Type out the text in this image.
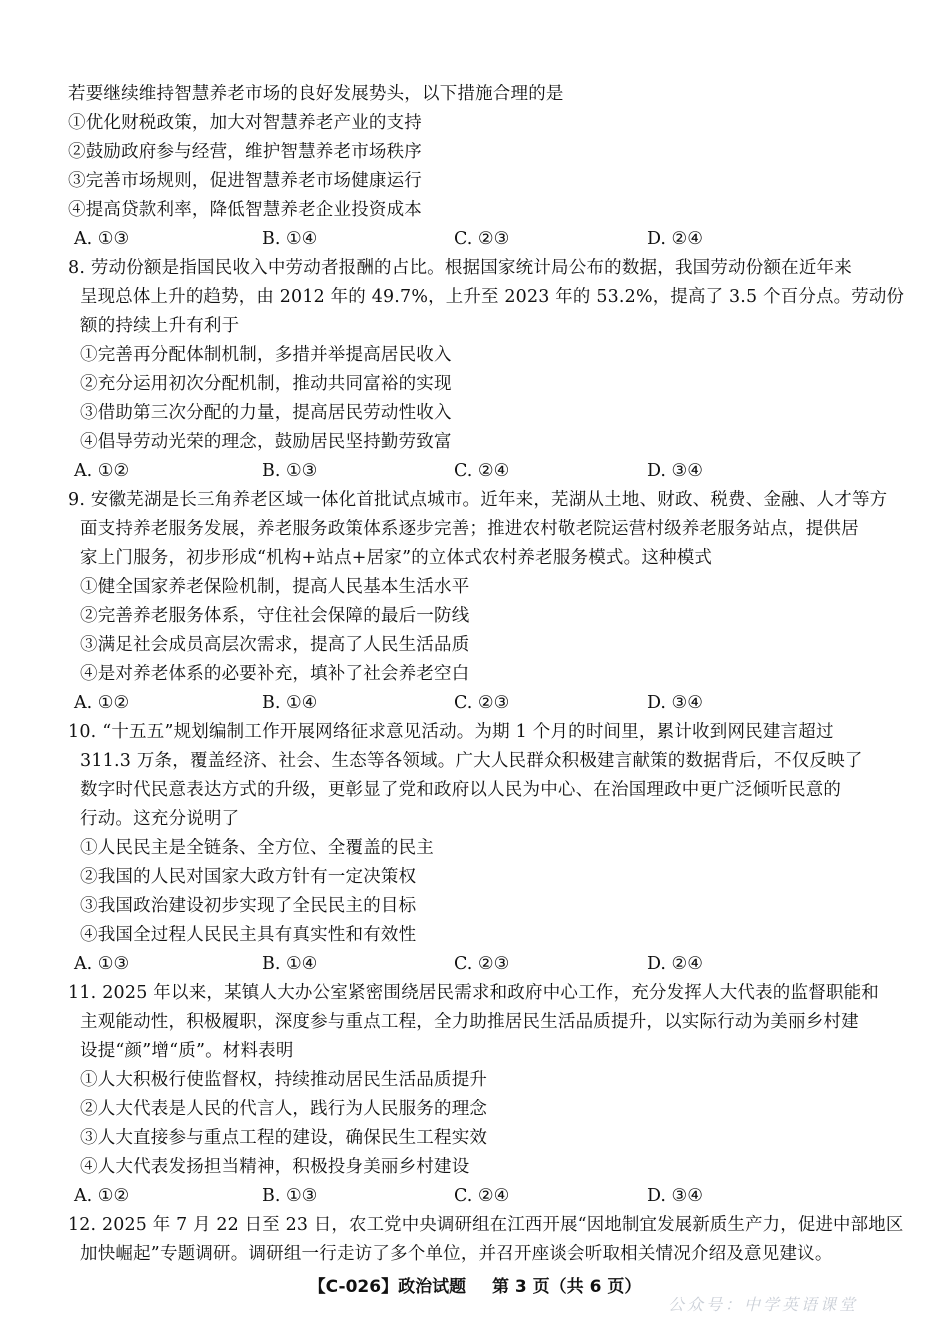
若要继续维持智慧养老市场的良好发展势头，以下措施合理的是
①优化财税政策，加大对智慧养老产业的支持
②鼓励政府参与经营，维护智慧养老市场秩序
③完善市场规则，促进智慧养老市场健康运行
④提高贷款利率，降低智慧养老企业投资成本
A. ①③	B. ①④	C. ②③	D. ②④
8. 劳动份额是指国民收入中劳动者报酬的占比。根据国家统计局公布的数据，我国劳动份额在近年来
呈现总体上升的趋势，由 2012 年的 49.7%，上升至 2023 年的 53.2%，提高了 3.5 个百分点。劳动份
额的持续上升有利于
①完善再分配体制机制，多措并举提高居民收入
②充分运用初次分配机制，推动共同富裕的实现
③借助第三次分配的力量，提高居民劳动性收入
④倡导劳动光荣的理念，鼓励居民坚持勤劳致富
A. ①②	B. ①③	C. ②④	D. ③④
9. 安徽芜湖是长三角养老区域一体化首批试点城市。近年来，芜湖从土地、财政、税费、金融、人才等方
面支持养老服务发展，养老服务政策体系逐步完善；推进农村敬老院运营村级养老服务站点，提供居
家上门服务，初步形成“机构+站点+居家”的立体式农村养老服务模式。这种模式
①健全国家养老保险机制，提高人民基本生活水平
②完善养老服务体系，守住社会保障的最后一防线
③满足社会成员高层次需求，提高了人民生活品质
④是对养老体系的必要补充，填补了社会养老空白
A. ①②	B. ①④	C. ②③	D. ③④
10. “十五五”规划编制工作开展网络征求意见活动。为期 1 个月的时间里，累计收到网民建言超过
311.3 万条，覆盖经济、社会、生态等各领域。广大人民群众积极建言献策的数据背后，不仅反映了
数字时代民意表达方式的升级，更彰显了党和政府以人民为中心、在治国理政中更广泛倾听民意的
行动。这充分说明了
①人民民主是全链条、全方位、全覆盖的民主
②我国的人民对国家大政方针有一定决策权
③我国政治建设初步实现了全民民主的目标
④我国全过程人民民主具有真实性和有效性
A. ①③	B. ①④	C. ②③	D. ②④
11. 2025 年以来，某镇人大办公室紧密围绕居民需求和政府中心工作，充分发挥人大代表的监督职能和
主观能动性，积极履职，深度参与重点工程，全力助推居民生活品质提升，以实际行动为美丽乡村建
设提“颜”增“质”。材料表明
①人大积极行使监督权，持续推动居民生活品质提升
②人大代表是人民的代言人，践行为人民服务的理念
③人大直接参与重点工程的建设，确保民生工程实效
④人大代表发扬担当精神，积极投身美丽乡村建设
A. ①②	B. ①③	C. ②④	D. ③④
12. 2025 年 7 月 22 日至 23 日，农工党中央调研组在江西开展“因地制宜发展新质生产力，促进中部地区
加快崛起”专题调研。调研组一行走访了多个单位，并召开座谈会听取相关情况介绍及意见建议。
【C-026】政治试题 第 3 页（共 6 页）
公众号：中学英语课堂
